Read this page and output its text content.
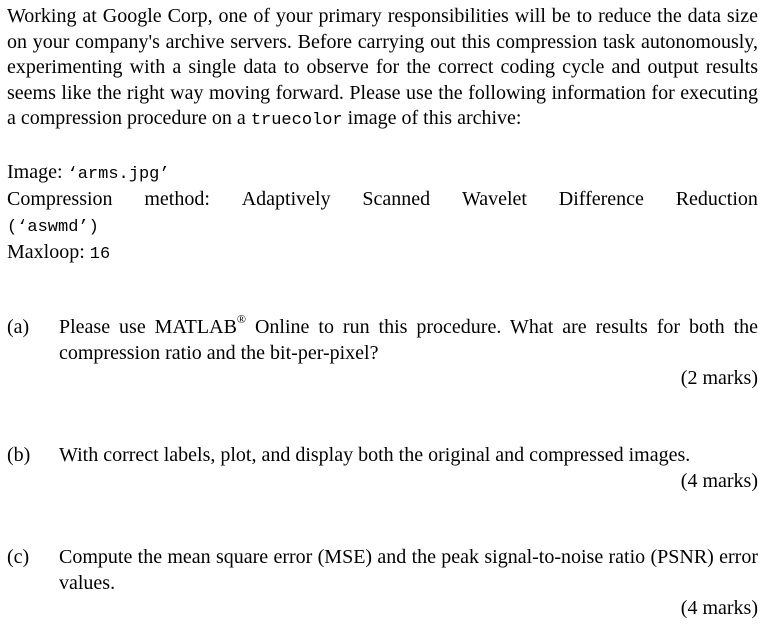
Working at Google Corp, one of your primary responsibilities will be to reduce the data size on your company's archive servers. Before carrying out this compression task autonomously, experimenting with a single data to observe for the correct coding cycle and output results seems like the right way moving forward. Please use the following information for executing a compression procedure on a truecolor image of this archive:

Image: ‘arms.jpg’

Compression method: Adaptively Scanned Wavelet Difference Reduction

(‘aswmd’)

Maxloop: 16

(a) Please use MATLAB® Online to run this procedure. What are results for both the compression ratio and the bit-per-pixel?
(2 marks)
(b) With correct labels, plot, and display both the original and compressed images.
(4 marks)
(c) Compute the mean square error (MSE) and the peak signal-to-noise ratio (PSNR) error values.
(4 marks)
